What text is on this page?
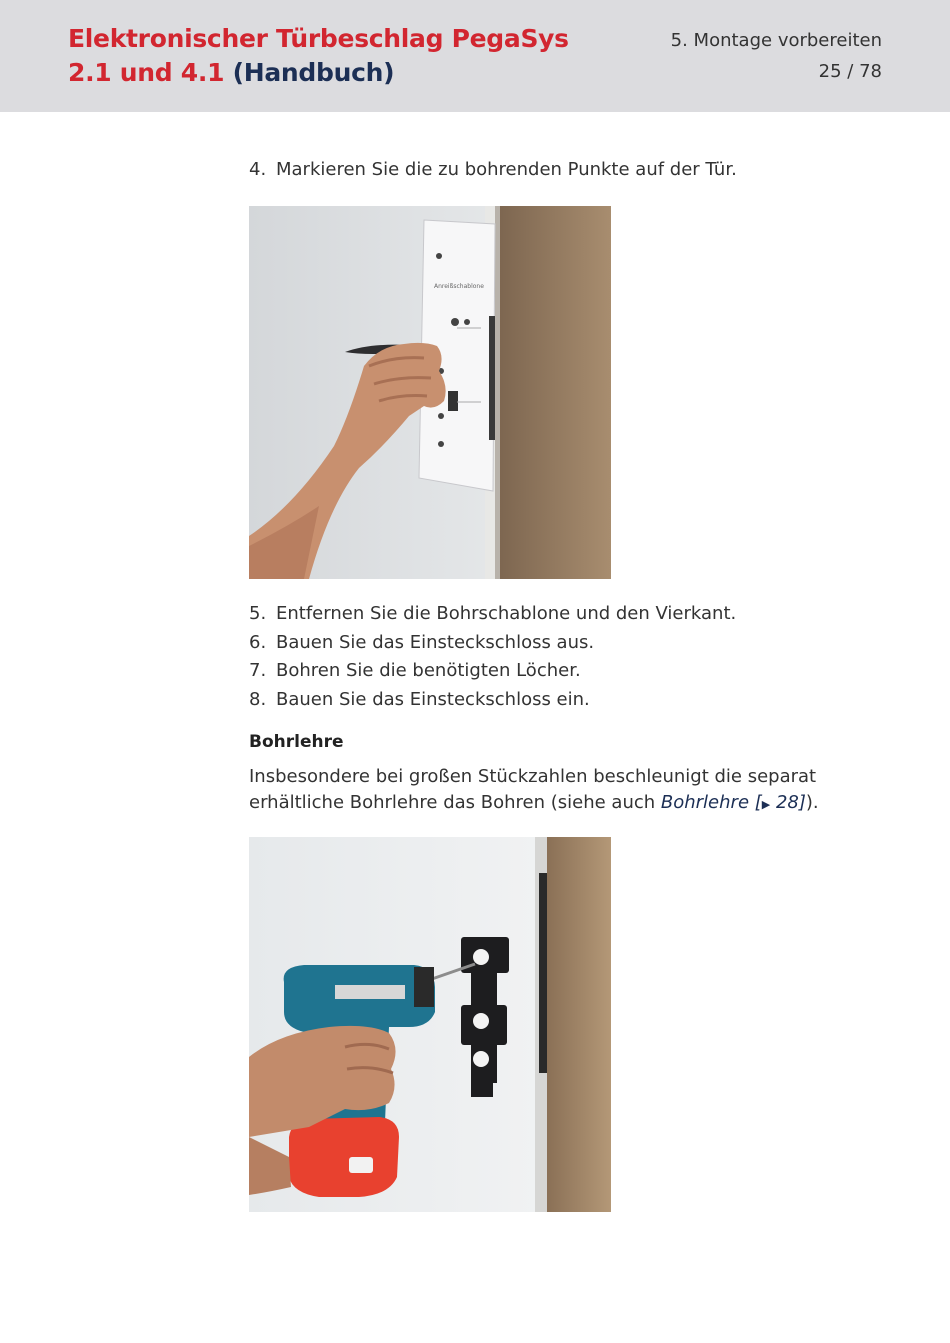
Elektronischer Türbeschlag PegaSys
2.1 und 4.1 (Handbuch)
5. Montage vorbereiten
25 / 78
4. Markieren Sie die zu bohrenden Punkte auf der Tür.
Anreißschablone
5. Entfernen Sie die Bohrschablone und den Vierkant.
6. Bauen Sie das Einsteckschloss aus.
7. Bohren Sie die benötigten Löcher.
8. Bauen Sie das Einsteckschloss ein.
Bohrlehre
Insbesondere bei großen Stückzahlen beschleunigt die separat erhältliche Bohrlehre das Bohren (siehe auch Bohrlehre [▶ 28]).
